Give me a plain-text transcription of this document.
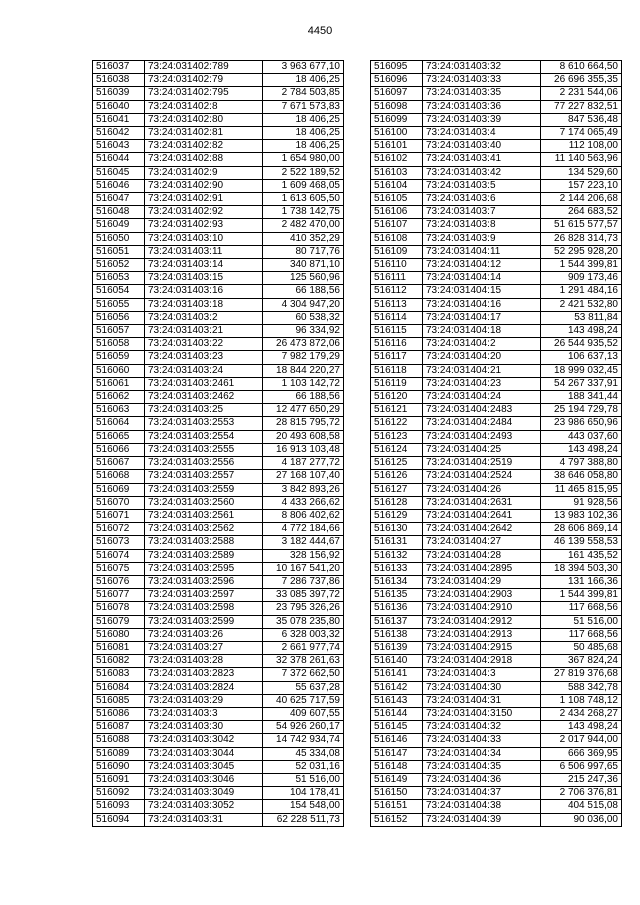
4450
516037	73:24:031402:789	3 963 677,10
516038	73:24:031402:79	18 406,25
516039	73:24:031402:795	2 784 503,85
516040	73:24:031402:8	7 671 573,83
516041	73:24:031402:80	18 406,25
516042	73:24:031402:81	18 406,25
516043	73:24:031402:82	18 406,25
516044	73:24:031402:88	1 654 980,00
516045	73:24:031402:9	2 522 189,52
516046	73:24:031402:90	1 609 468,05
516047	73:24:031402:91	1 613 605,50
516048	73:24:031402:92	1 738 142,75
516049	73:24:031402:93	2 482 470,00
516050	73:24:031403:10	410 352,29
516051	73:24:031403:11	80 717,76
516052	73:24:031403:14	340 871,10
516053	73:24:031403:15	125 560,96
516054	73:24:031403:16	66 188,56
516055	73:24:031403:18	4 304 947,20
516056	73:24:031403:2	60 538,32
516057	73:24:031403:21	96 334,92
516058	73:24:031403:22	26 473 872,06
516059	73:24:031403:23	7 982 179,29
516060	73:24:031403:24	18 844 220,27
516061	73:24:031403:2461	1 103 142,72
516062	73:24:031403:2462	66 188,56
516063	73:24:031403:25	12 477 650,29
516064	73:24:031403:2553	28 815 795,72
516065	73:24:031403:2554	20 493 608,58
516066	73:24:031403:2555	16 913 103,48
516067	73:24:031403:2556	4 187 277,72
516068	73:24:031403:2557	27 168 107,40
516069	73:24:031403:2559	3 842 893,26
516070	73:24:031403:2560	4 433 266,62
516071	73:24:031403:2561	8 806 402,62
516072	73:24:031403:2562	4 772 184,66
516073	73:24:031403:2588	3 182 444,67
516074	73:24:031403:2589	328 156,92
516075	73:24:031403:2595	10 167 541,20
516076	73:24:031403:2596	7 286 737,86
516077	73:24:031403:2597	33 085 397,72
516078	73:24:031403:2598	23 795 326,26
516079	73:24:031403:2599	35 078 235,80
516080	73:24:031403:26	6 328 003,32
516081	73:24:031403:27	2 661 977,74
516082	73:24:031403:28	32 378 261,63
516083	73:24:031403:2823	7 372 662,50
516084	73:24:031403:2824	55 637,28
516085	73:24:031403:29	40 625 717,59
516086	73:24:031403:3	409 607,55
516087	73:24:031403:30	54 926 260,17
516088	73:24:031403:3042	14 742 934,74
516089	73:24:031403:3044	45 334,08
516090	73:24:031403:3045	52 031,16
516091	73:24:031403:3046	51 516,00
516092	73:24:031403:3049	104 178,41
516093	73:24:031403:3052	154 548,00
516094	73:24:031403:31	62 228 511,73
516095	73:24:031403:32	8 610 664,50
516096	73:24:031403:33	26 696 355,35
516097	73:24:031403:35	2 231 544,06
516098	73:24:031403:36	77 227 832,51
516099	73:24:031403:39	847 536,48
516100	73:24:031403:4	7 174 065,49
516101	73:24:031403:40	112 108,00
516102	73:24:031403:41	11 140 563,96
516103	73:24:031403:42	134 529,60
516104	73:24:031403:5	157 223,10
516105	73:24:031403:6	2 144 206,68
516106	73:24:031403:7	264 683,52
516107	73:24:031403:8	51 615 577,57
516108	73:24:031403:9	26 828 314,73
516109	73:24:031404:11	52 295 928,20
516110	73:24:031404:12	1 544 399,81
516111	73:24:031404:14	909 173,46
516112	73:24:031404:15	1 291 484,16
516113	73:24:031404:16	2 421 532,80
516114	73:24:031404:17	53 811,84
516115	73:24:031404:18	143 498,24
516116	73:24:031404:2	26 544 935,52
516117	73:24:031404:20	106 637,13
516118	73:24:031404:21	18 999 032,45
516119	73:24:031404:23	54 267 337,91
516120	73:24:031404:24	188 341,44
516121	73:24:031404:2483	25 194 729,78
516122	73:24:031404:2484	23 986 650,96
516123	73:24:031404:2493	443 037,60
516124	73:24:031404:25	143 498,24
516125	73:24:031404:2519	4 797 388,80
516126	73:24:031404:2524	38 646 058,80
516127	73:24:031404:26	11 465 815,95
516128	73:24:031404:2631	91 928,56
516129	73:24:031404:2641	13 983 102,36
516130	73:24:031404:2642	28 606 869,14
516131	73:24:031404:27	46 139 558,53
516132	73:24:031404:28	161 435,52
516133	73:24:031404:2895	18 394 503,30
516134	73:24:031404:29	131 166,36
516135	73:24:031404:2903	1 544 399,81
516136	73:24:031404:2910	117 668,56
516137	73:24:031404:2912	51 516,00
516138	73:24:031404:2913	117 668,56
516139	73:24:031404:2915	50 485,68
516140	73:24:031404:2918	367 824,24
516141	73:24:031404:3	27 819 376,68
516142	73:24:031404:30	588 342,78
516143	73:24:031404:31	1 108 748,12
516144	73:24:031404:3150	2 434 268,27
516145	73:24:031404:32	143 498,24
516146	73:24:031404:33	2 017 944,00
516147	73:24:031404:34	666 369,95
516148	73:24:031404:35	6 506 997,65
516149	73:24:031404:36	215 247,36
516150	73:24:031404:37	2 706 376,81
516151	73:24:031404:38	404 515,08
516152	73:24:031404:39	90 036,00
